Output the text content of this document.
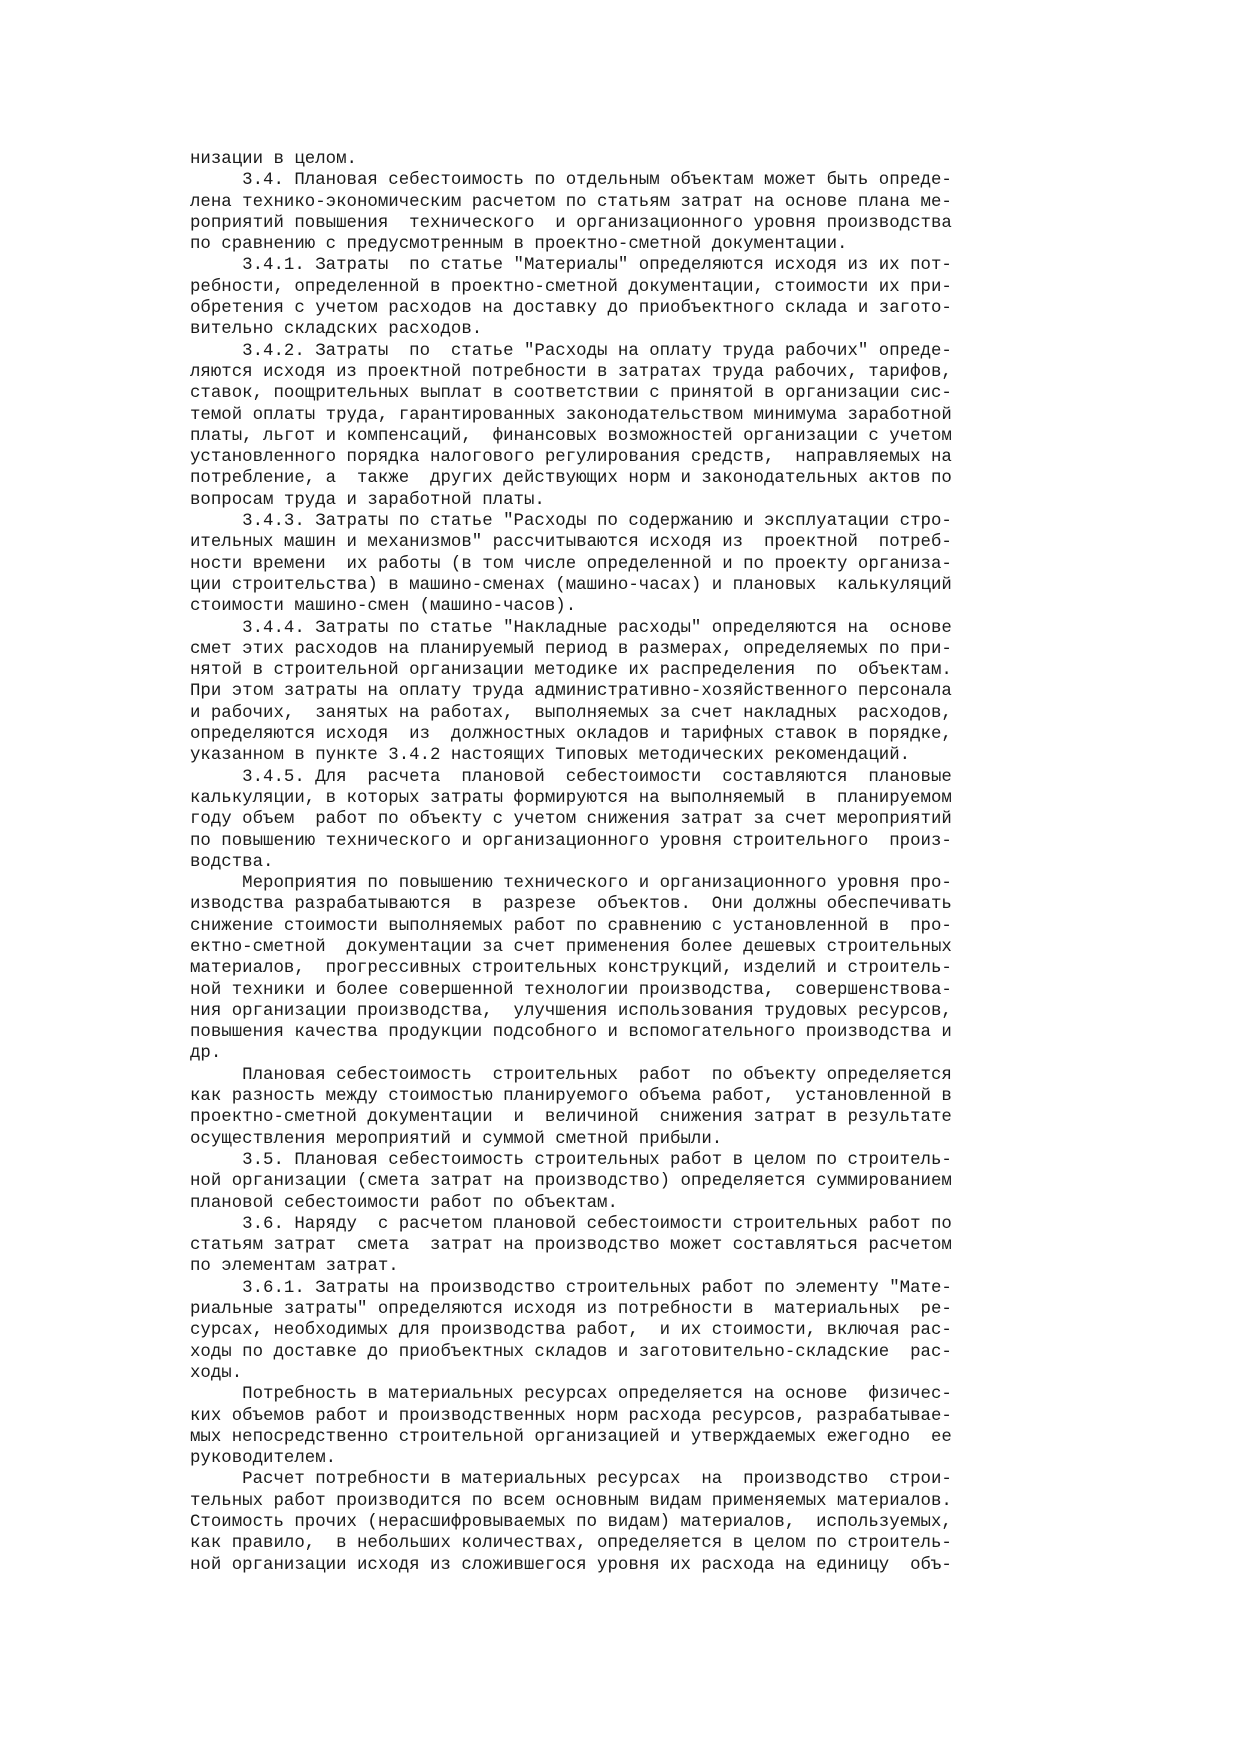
низации в целом.
3.4. Плановая себестоимость по отдельным объектам может быть опреде-
лена технико-экономическим расчетом по статьям затрат на основе плана ме-
роприятий повышения  технического  и организационного уровня производства
по сравнению с предусмотренным в проектно-сметной документации.
3.4.1. Затраты  по статье "Материалы" определяются исходя из их пот-
ребности, определенной в проектно-сметной документации, стоимости их при-
обретения с учетом расходов на доставку до приобъектного склада и загото-
вительно складских расходов.
3.4.2. Затраты  по  статье "Расходы на оплату труда рабочих" опреде-
ляются исходя из проектной потребности в затратах труда рабочих, тарифов,
ставок, поощрительных выплат в соответствии с принятой в организации сис-
темой оплаты труда, гарантированных законодательством минимума заработной
платы, льгот и компенсаций,  финансовых возможностей организации с учетом
установленного порядка налогового регулирования средств,  направляемых на
потребление, а  также  других действующих норм и законодательных актов по
вопросам труда и заработной платы.
3.4.3. Затраты по статье "Расходы по содержанию и эксплуатации стро-
ительных машин и механизмов" рассчитываются исходя из  проектной  потреб-
ности времени  их работы (в том числе определенной и по проекту организа-
ции строительства) в машино-сменах (машино-часах) и плановых  калькуляций
стоимости машино-смен (машино-часов).
3.4.4. Затраты по статье "Накладные расходы" определяются на  основе
смет этих расходов на планируемый период в размерах, определяемых по при-
нятой в строительной организации методике их распределения  по  объектам.
При этом затраты на оплату труда административно-хозяйственного персонала
и рабочих,  занятых на работах,  выполняемых за счет накладных  расходов,
определяются исходя  из  должностных окладов и тарифных ставок в порядке,
указанном в пункте 3.4.2 настоящих Типовых методических рекомендаций.
3.4.5. Для  расчета  плановой  себестоимости  составляются  плановые
калькуляции, в которых затраты формируются на выполняемый  в  планируемом
году объем  работ по объекту с учетом снижения затрат за счет мероприятий
по повышению технического и организационного уровня строительного  произ-
водства.
Мероприятия по повышению технического и организационного уровня про-
изводства разрабатываются  в  разрезе  объектов.  Они должны обеспечивать
снижение стоимости выполняемых работ по сравнению с установленной в  про-
ектно-сметной  документации за счет применения более дешевых строительных
материалов,  прогрессивных строительных конструкций, изделий и строитель-
ной техники и более совершенной технологии производства,  совершенствова-
ния организации производства,  улучшения использования трудовых ресурсов,
повышения качества продукции подсобного и вспомогательного производства и
др.
Плановая себестоимость  строительных  работ  по объекту определяется
как разность между стоимостью планируемого объема работ,  установленной в
проектно-сметной документации  и  величиной  снижения затрат в результате
осуществления мероприятий и суммой сметной прибыли.
3.5. Плановая себестоимость строительных работ в целом по строитель-
ной организации (смета затрат на производство) определяется суммированием
плановой себестоимости работ по объектам.
3.6. Наряду  с расчетом плановой себестоимости строительных работ по
статьям затрат  смета  затрат на производство может составляться расчетом
по элементам затрат.
3.6.1. Затраты на производство строительных работ по элементу "Мате-
риальные затраты" определяются исходя из потребности в  материальных  ре-
сурсах, необходимых для производства работ,  и их стоимости, включая рас-
ходы по доставке до приобъектных складов и заготовительно-складские  рас-
ходы.
Потребность в материальных ресурсах определяется на основе  физичес-
ких объемов работ и производственных норм расхода ресурсов, разрабатывае-
мых непосредственно строительной организацией и утверждаемых ежегодно  ее
руководителем.
Расчет потребности в материальных ресурсах  на  производство  строи-
тельных работ производится по всем основным видам применяемых материалов.
Стоимость прочих (нерасшифровываемых по видам) материалов,  используемых,
как правило,  в небольших количествах, определяется в целом по строитель-
ной организации исходя из сложившегося уровня их расхода на единицу  объ-
